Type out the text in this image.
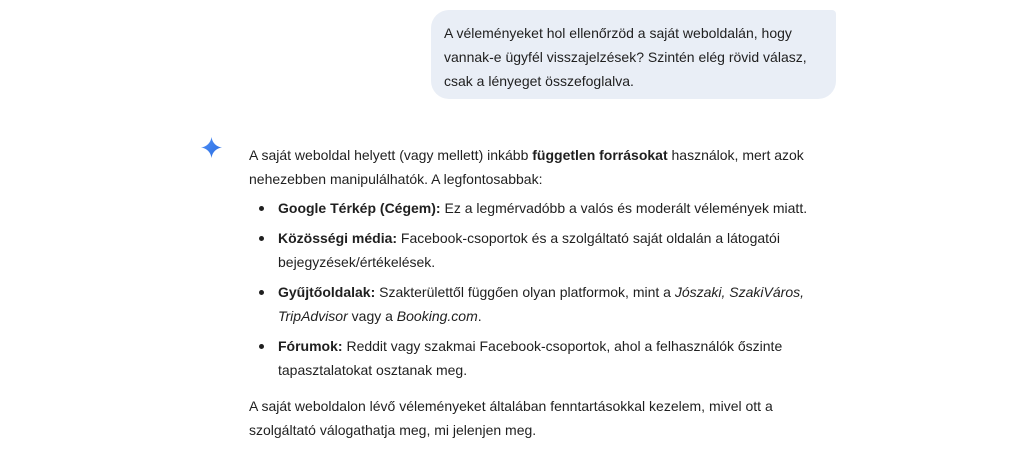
A véleményeket hol ellenőrzöd a saját weboldalán, hogy vannak-e ügyfél visszajelzések? Szintén elég rövid válasz, csak a lényeget összefoglalva.

A saját weboldal helyett (vagy mellett) inkább független forrásokat használok, mert azok nehezebben manipulálhatók. A legfontosabbak:

Google Térkép (Cégem): Ez a legmérvadóbb a valós és moderált vélemények miatt.
Közösségi média: Facebook-csoportok és a szolgáltató saját oldalán a látogatói bejegyzések/értékelések.
Gyűjtőoldalak: Szakterülettől függően olyan platformok, mint a Jószaki, SzakiVáros, TripAdvisor vagy a Booking.com.
Fórumok: Reddit vagy szakmai Facebook-csoportok, ahol a felhasználók őszinte tapasztalatokat osztanak meg.

A saját weboldalon lévő véleményeket általában fenntartásokkal kezelem, mivel ott a szolgáltató válogathatja meg, mi jelenjen meg.
